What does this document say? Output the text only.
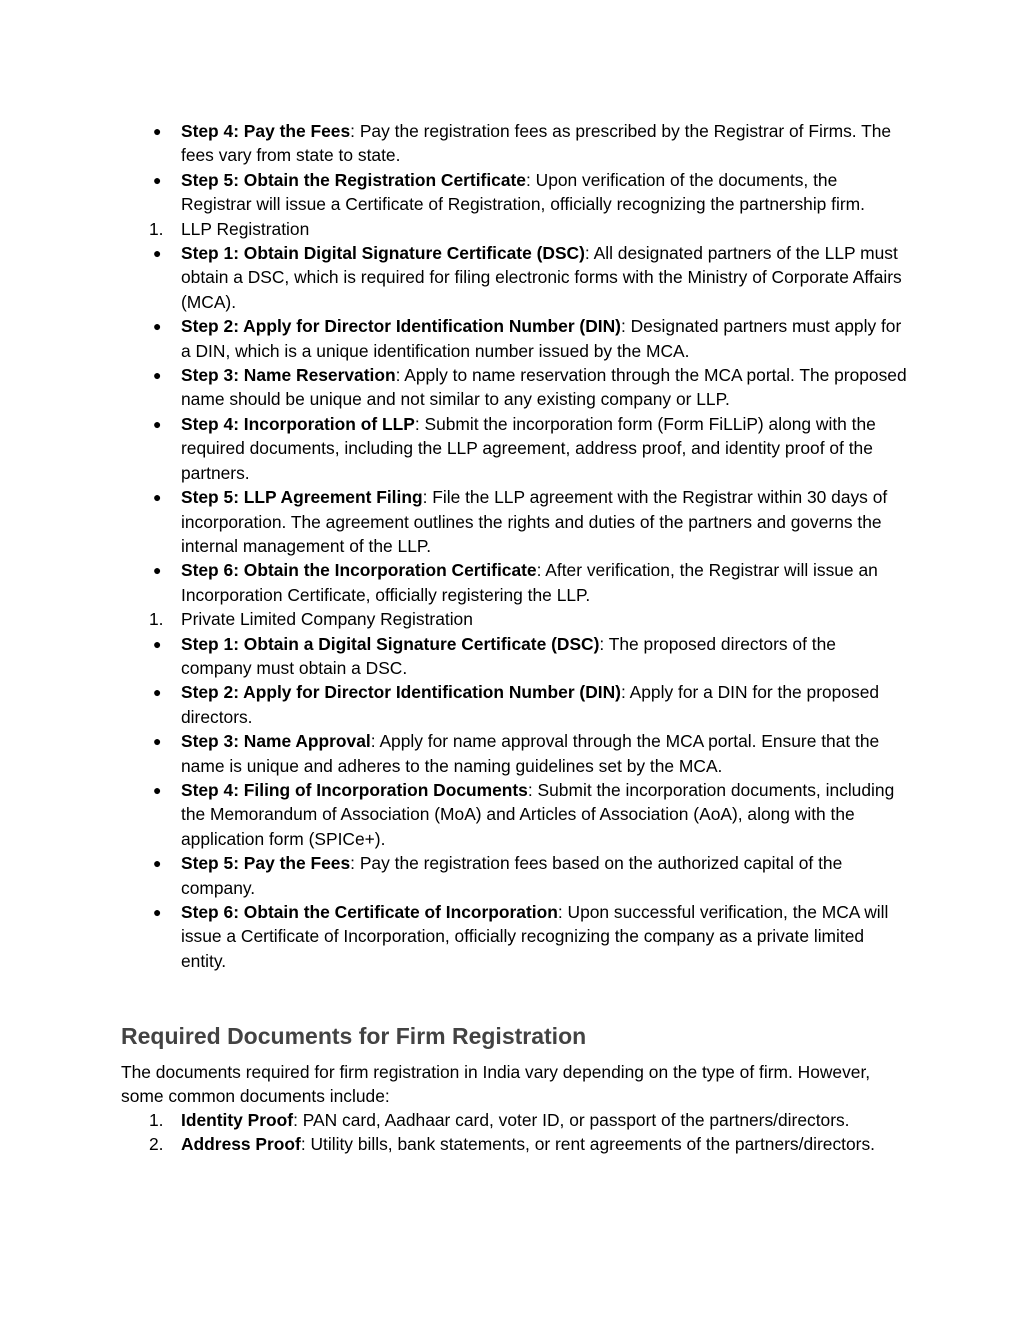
●	Step 4: Pay the Fees: Pay the registration fees as prescribed by the Registrar of Firms. The fees vary from state to state.
●	Step 5: Obtain the Registration Certificate: Upon verification of the documents, the Registrar will issue a Certificate of Registration, officially recognizing the partnership firm.
1.	LLP Registration
●	Step 1: Obtain Digital Signature Certificate (DSC): All designated partners of the LLP must obtain a DSC, which is required for filing electronic forms with the Ministry of Corporate Affairs (MCA).
●	Step 2: Apply for Director Identification Number (DIN): Designated partners must apply for a DIN, which is a unique identification number issued by the MCA.
●	Step 3: Name Reservation: Apply to name reservation through the MCA portal. The proposed name should be unique and not similar to any existing company or LLP.
●	Step 4: Incorporation of LLP: Submit the incorporation form (Form FiLLiP) along with the required documents, including the LLP agreement, address proof, and identity proof of the partners.
●	Step 5: LLP Agreement Filing: File the LLP agreement with the Registrar within 30 days of incorporation. The agreement outlines the rights and duties of the partners and governs the internal management of the LLP.
●	Step 6: Obtain the Incorporation Certificate: After verification, the Registrar will issue an Incorporation Certificate, officially registering the LLP.
1.	Private Limited Company Registration
●	Step 1: Obtain a Digital Signature Certificate (DSC): The proposed directors of the company must obtain a DSC.
●	Step 2: Apply for Director Identification Number (DIN): Apply for a DIN for the proposed directors.
●	Step 3: Name Approval: Apply for name approval through the MCA portal. Ensure that the name is unique and adheres to the naming guidelines set by the MCA.
●	Step 4: Filing of Incorporation Documents: Submit the incorporation documents, including the Memorandum of Association (MoA) and Articles of Association (AoA), along with the application form (SPICe+).
●	Step 5: Pay the Fees: Pay the registration fees based on the authorized capital of the company.
●	Step 6: Obtain the Certificate of Incorporation: Upon successful verification, the MCA will issue a Certificate of Incorporation, officially recognizing the company as a private limited entity.
Required Documents for Firm Registration

The documents required for firm registration in India vary depending on the type of firm. However, some common documents include:

1.	Identity Proof: PAN card, Aadhaar card, voter ID, or passport of the partners/directors.
2.	Address Proof: Utility bills, bank statements, or rent agreements of the partners/directors.
